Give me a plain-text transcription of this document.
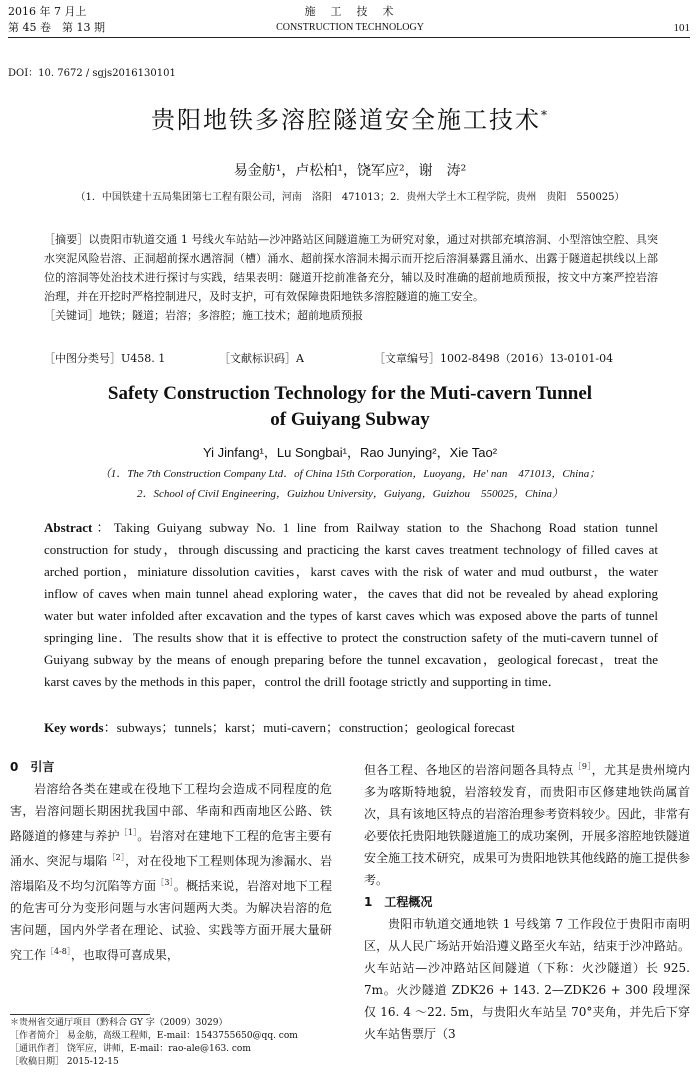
2016 年 7 月上
第 45 卷　第 13 期
施　工　技　术
CONSTRUCTION TECHNOLOGY	101
DOI：10. 7672 / sgjs2016130101
贵阳地铁多溶腔隧道安全施工技术*
易金舫¹，卢松柏¹，饶军应²，谢　涛²
（1．中国铁建十五局集团第七工程有限公司，河南　洛阳　471013；2．贵州大学土木工程学院，贵州　贵阳　550025）

［摘要］以贵阳市轨道交通 1 号线火车站站—沙冲路站区间隧道施工为研究对象，通过对拱部充填溶洞、小型溶蚀空腔、具突水突泥风险岩溶、正洞超前探水遇溶洞（槽）涌水、超前探水溶洞未揭示而开挖后溶洞暴露且涌水、出露于隧道起拱线以上部位的溶洞等处治技术进行探讨与实践，结果表明：隧道开挖前准备充分，辅以及时准确的超前地质预报，按文中方案严控岩溶治理，并在开挖时严格控制进尺，及时支护，可有效保障贵阳地铁多溶腔隧道的施工安全。

［关键词］地铁；隧道；岩溶；多溶腔；施工技术；超前地质预报

［中图分类号］U458. 1	［文献标识码］A	［文章编号］1002-8498（2016）13-0101-04
Safety Construction Technology for the Muti-cavern Tunnel
of Guiyang Subway
Yi Jinfang¹，Lu Songbai¹，Rao Junying²，Xie Tao²
（1．The 7th Construction Company Ltd．of China 15th Corporation，Luoyang，He' nan　471013，China；
2．School of Civil Engineering，Guizhou University，Guiyang，Guizhou　550025，China）
Abstract：Taking Guiyang subway No. 1 line from Railway station to the Shachong Road station tunnel construction for study，through discussing and practicing the karst caves treatment technology of filled caves at arched portion，miniature dissolution cavities，karst caves with the risk of water and mud outburst，the water inflow of caves when main tunnel ahead exploring water，the caves that did not be revealed by ahead exploring water but water infolded after excavation and the types of karst caves which was exposed above the parts of tunnel springing line．The results show that it is effective to protect the construction safety of the muti-cavern tunnel of Guiyang subway by the means of enough preparing before the tunnel excavation，geological forecast，treat the karst caves by the methods in this paper，control the drill footage strictly and supporting in time．
Key words：subways；tunnels；karst；muti-cavern；construction；geological forecast
0　引言

岩溶给各类在建或在役地下工程均会造成不同程度的危害，岩溶问题长期困扰我国中部、华南和西南地区公路、铁路隧道的修建与养护$^{[1]}$。岩溶对在建地下工程的危害主要有涌水、突泥与塌陷$^{[2]}$，对在役地下工程则体现为渗漏水、岩溶塌陷及不均匀沉陷等方面$^{[3]}$。概括来说，岩溶对地下工程的危害可分为变形问题与水害问题两大类。为解决岩溶的危害问题，国内外学者在理论、试验、实践等方面开展大量研究工作$^{[4-8]}$，也取得可喜成果，

＊贵州省交通厅项目（黔科合 GY 字（2009）3029）
［作者简介］ 易金舫，高级工程师，E-mail：1543755650@qq. com
［通讯作者］ 饶军应，讲师，E-mail：rao-ale@163. com
［收稿日期］ 2015-12-15

但各工程、各地区的岩溶问题各具特点$^{[9]}$，尤其是贵州境内多为喀斯特地貌，岩溶较发育，而贵阳市区修建地铁尚属首次，具有该地区特点的岩溶治理参考资料较少。因此，非常有必要依托贵阳地铁隧道施工的成功案例，开展多溶腔地铁隧道安全施工技术研究，成果可为贵阳地铁其他线路的施工提供参考。

1　工程概况

贵阳市轨道交通地铁 1 号线第 7 工作段位于贵阳市南明区，从人民广场站开始沿遵义路至火车站，结束于沙冲路站。火车站站—沙冲路站区间隧道（下称：火沙隧道）长 925. 7m。火沙隧道 ZDK26 + 143. 2—ZDK26 + 300 段埋深仅 16. 4 ～22. 5m，与贵阳火车站呈 70°夹角，并先后下穿火车站售票厅（3
